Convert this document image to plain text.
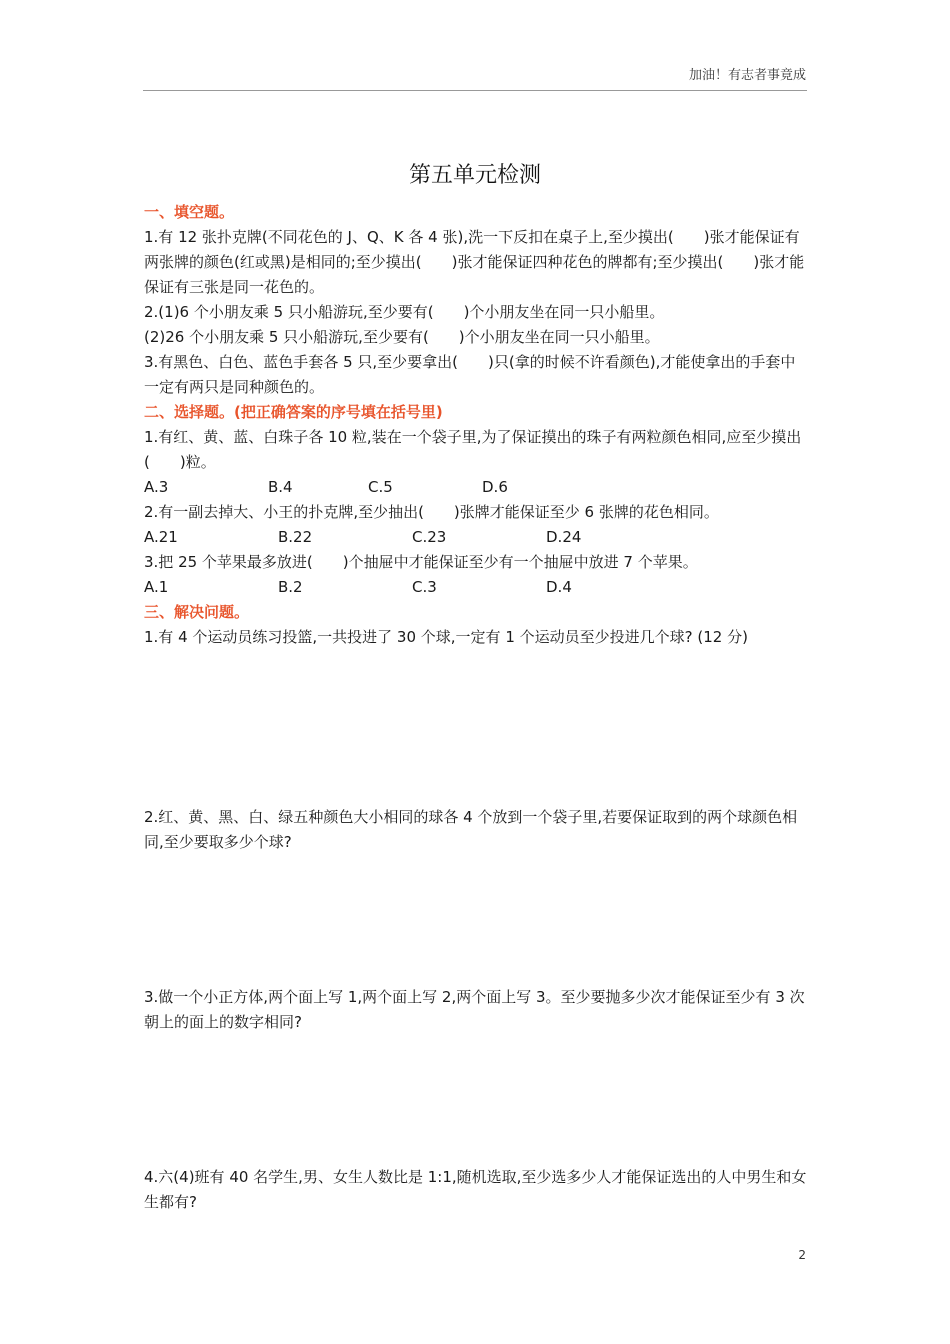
加油！有志者事竟成
第五单元检测
一、填空题。

1.有 12 张扑克牌(不同花色的 J、Q、K 各 4 张),洗一下反扣在桌子上,至少摸出(　　)张才能保证有两张牌的颜色(红或黑)是相同的;至少摸出(　　)张才能保证四种花色的牌都有;至少摸出(　　)张才能保证有三张是同一花色的。

2.(1)6 个小朋友乘 5 只小船游玩,至少要有(　　)个小朋友坐在同一只小船里。

(2)26 个小朋友乘 5 只小船游玩,至少要有(　　)个小朋友坐在同一只小船里。

3.有黑色、白色、蓝色手套各 5 只,至少要拿出(　　)只(拿的时候不许看颜色),才能使拿出的手套中一定有两只是同种颜色的。

二、选择题。(把正确答案的序号填在括号里)

1.有红、黄、蓝、白珠子各 10 粒,装在一个袋子里,为了保证摸出的珠子有两粒颜色相同,应至少摸出(　　)粒。

A.3	B.4	C.5	D.6

2.有一副去掉大、小王的扑克牌,至少抽出(　　)张牌才能保证至少 6 张牌的花色相同。

A.21	B.22	C.23	D.24

3.把 25 个苹果最多放进(　　)个抽屉中才能保证至少有一个抽屉中放进 7 个苹果。

A.1	B.2	C.3	D.4
三、解决问题。

1.有 4 个运动员练习投篮,一共投进了 30 个球,一定有 1 个运动员至少投进几个球? (12 分)

2.红、黄、黑、白、绿五种颜色大小相同的球各 4 个放到一个袋子里,若要保证取到的两个球颜色相同,至少要取多少个球?

3.做一个小正方体,两个面上写 1,两个面上写 2,两个面上写 3。至少要抛多少次才能保证至少有 3 次朝上的面上的数字相同?

4.六(4)班有 40 名学生,男、女生人数比是 1:1,随机选取,至少选多少人才能保证选出的人中男生和女生都有?

2
